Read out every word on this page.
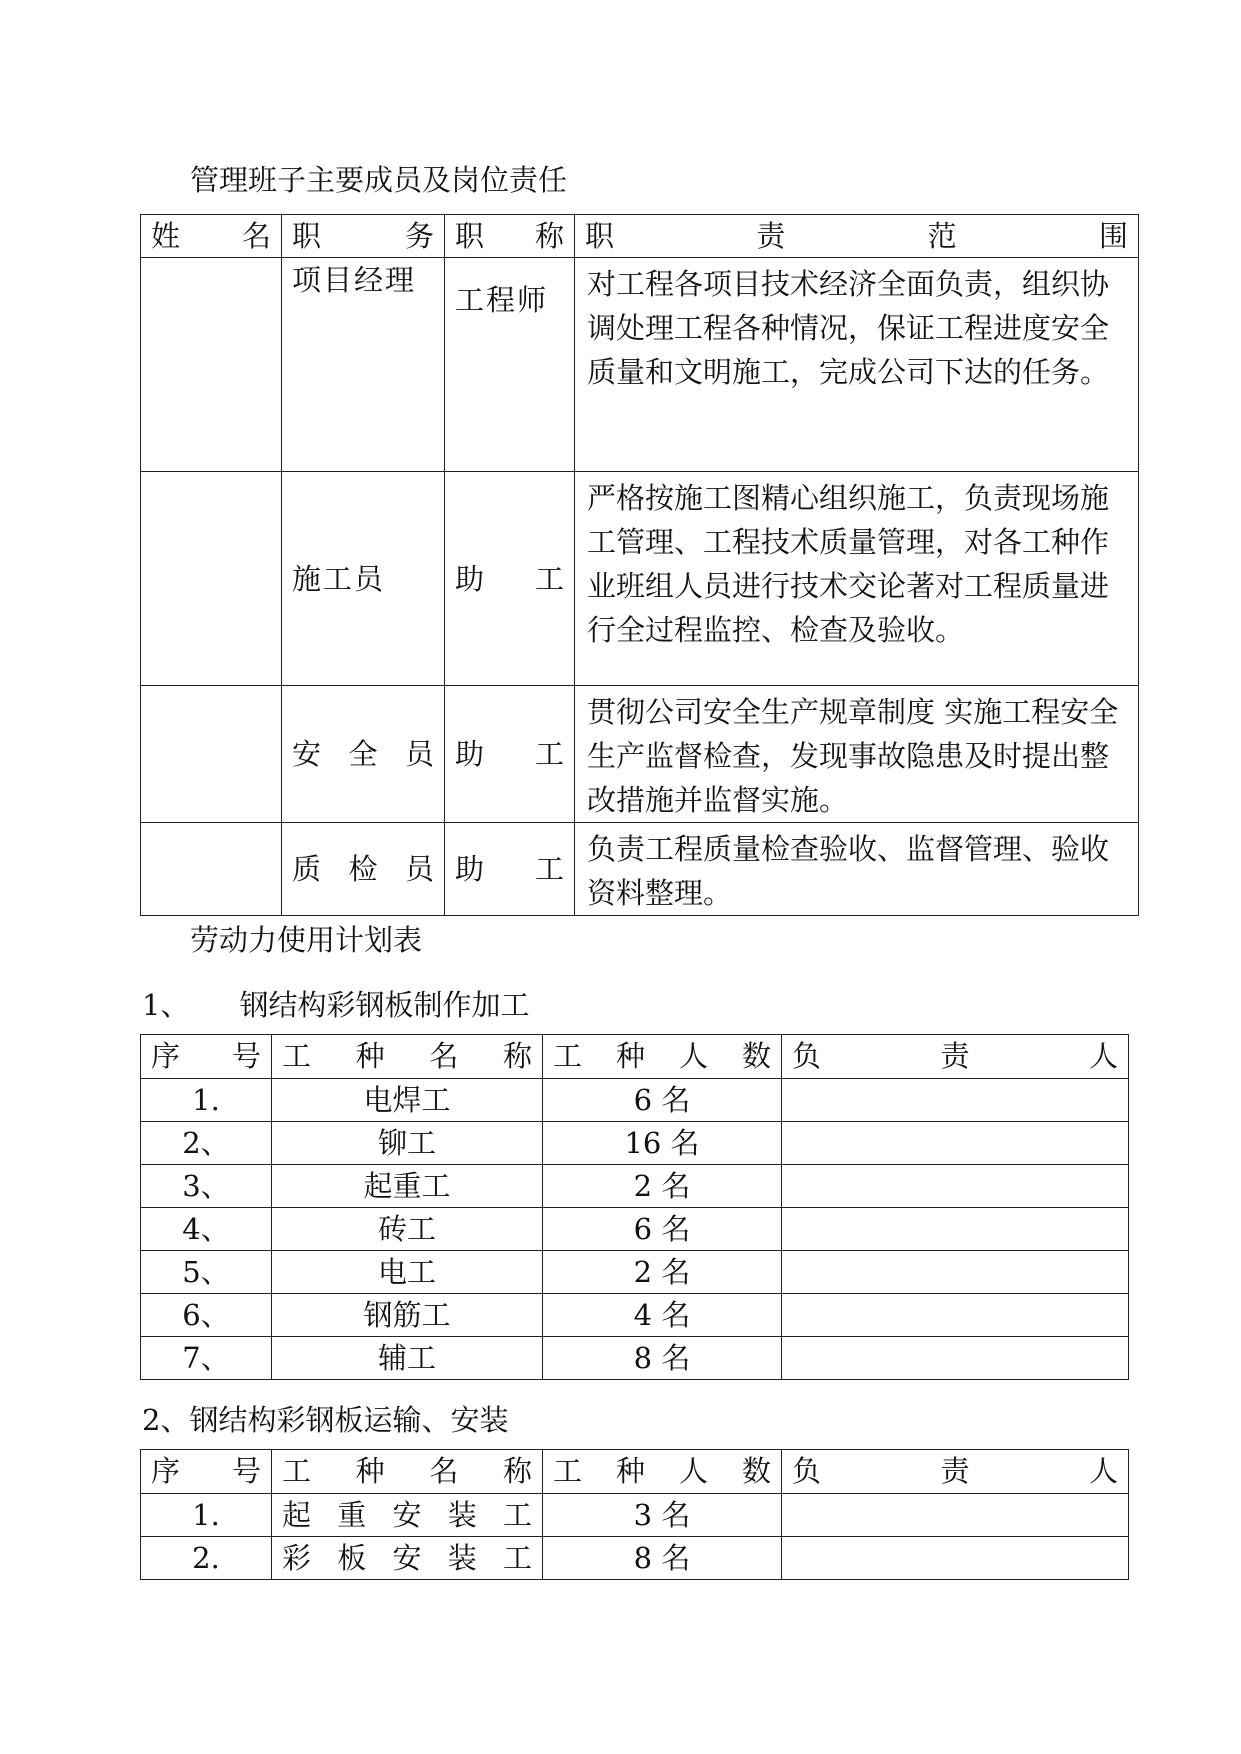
管理班子主要成员及岗位责任
姓 名	职 务	职 称	职 责 范 围

	项目经理	工程师	对工程各项目技术经济全面负责，组织协调处理工程各种情况，保证工程进度安全质量和文明施工，完成公司下达的任务。
	施工员	助 工	严格按施工图精心组织施工，负责现场施工管理、工程技术质量管理，对各工种作业班组人员进行技术交论著对工程质量进行全过程监控、检查及验收。

	安 全 员	助 工	贯彻公司安全生产规章制度 实施工程安全生产监督检查，发现事故隐患及时提出整改措施并监督实施。

	质 检 员	助 工	负责工程质量检查验收、监督管理、验收资料整理。
劳动力使用计划表
1、 钢结构彩钢板制作加工
序 号	工 种 名 称	工 种 人 数	负 责 人

1.	电焊工	6 名	
2、	铆工	16 名	
3、	起重工	2 名	
4、	砖工	6 名	
5、	电工	2 名	
6、	钢筋工	4 名	
7、	辅工	8 名	
2、钢结构彩钢板运输、安装
序 号	工 种 名 称	工 种 人 数	负 责 人

1.	起 重 安 装 工	3 名	
2.	彩 板 安 装 工	8 名	
